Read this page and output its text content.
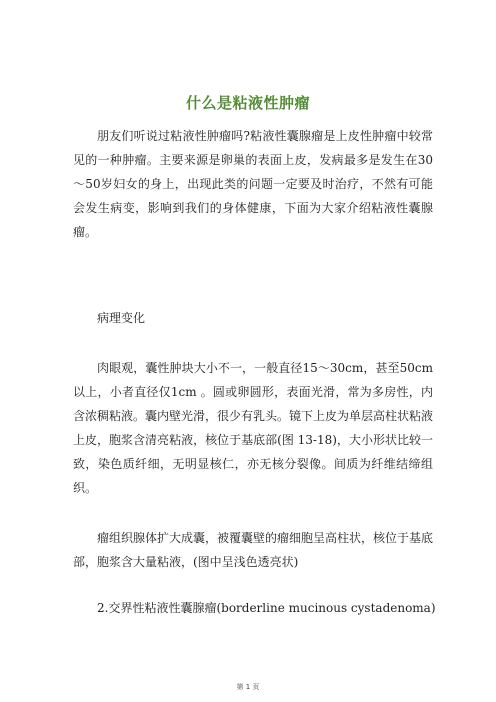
什么是粘液性肿瘤

朋友们听说过粘液性肿瘤吗?粘液性囊腺瘤是上皮性肿瘤中较常见的一种肿瘤。主要来源是卵巢的表面上皮，发病最多是发生在30～50岁妇女的身上，出现此类的问题一定要及时治疗，不然有可能会发生病变，影响到我们的身体健康，下面为大家介绍粘液性囊腺瘤。

病理变化

肉眼观，囊性肿块大小不一，一般直径15～30cm，甚至50cm以上，小者直径仅1cm 。圆或卵圆形，表面光滑，常为多房性，内含浓稠粘液。囊内壁光滑，很少有乳头。镜下上皮为单层高柱状粘液上皮，胞浆含清亮粘液，核位于基底部(图 13-18)，大小形状比较一致，染色质纤细，无明显核仁，亦无核分裂像。间质为纤维结缔组织。

瘤组织腺体扩大成囊，被覆囊壁的瘤细胞呈高柱状，核位于基底部，胞浆含大量粘液，(图中呈浅色透亮状)

2.交界性粘液性囊腺瘤(borderline mucinous cystadenoma)

第 1 页
